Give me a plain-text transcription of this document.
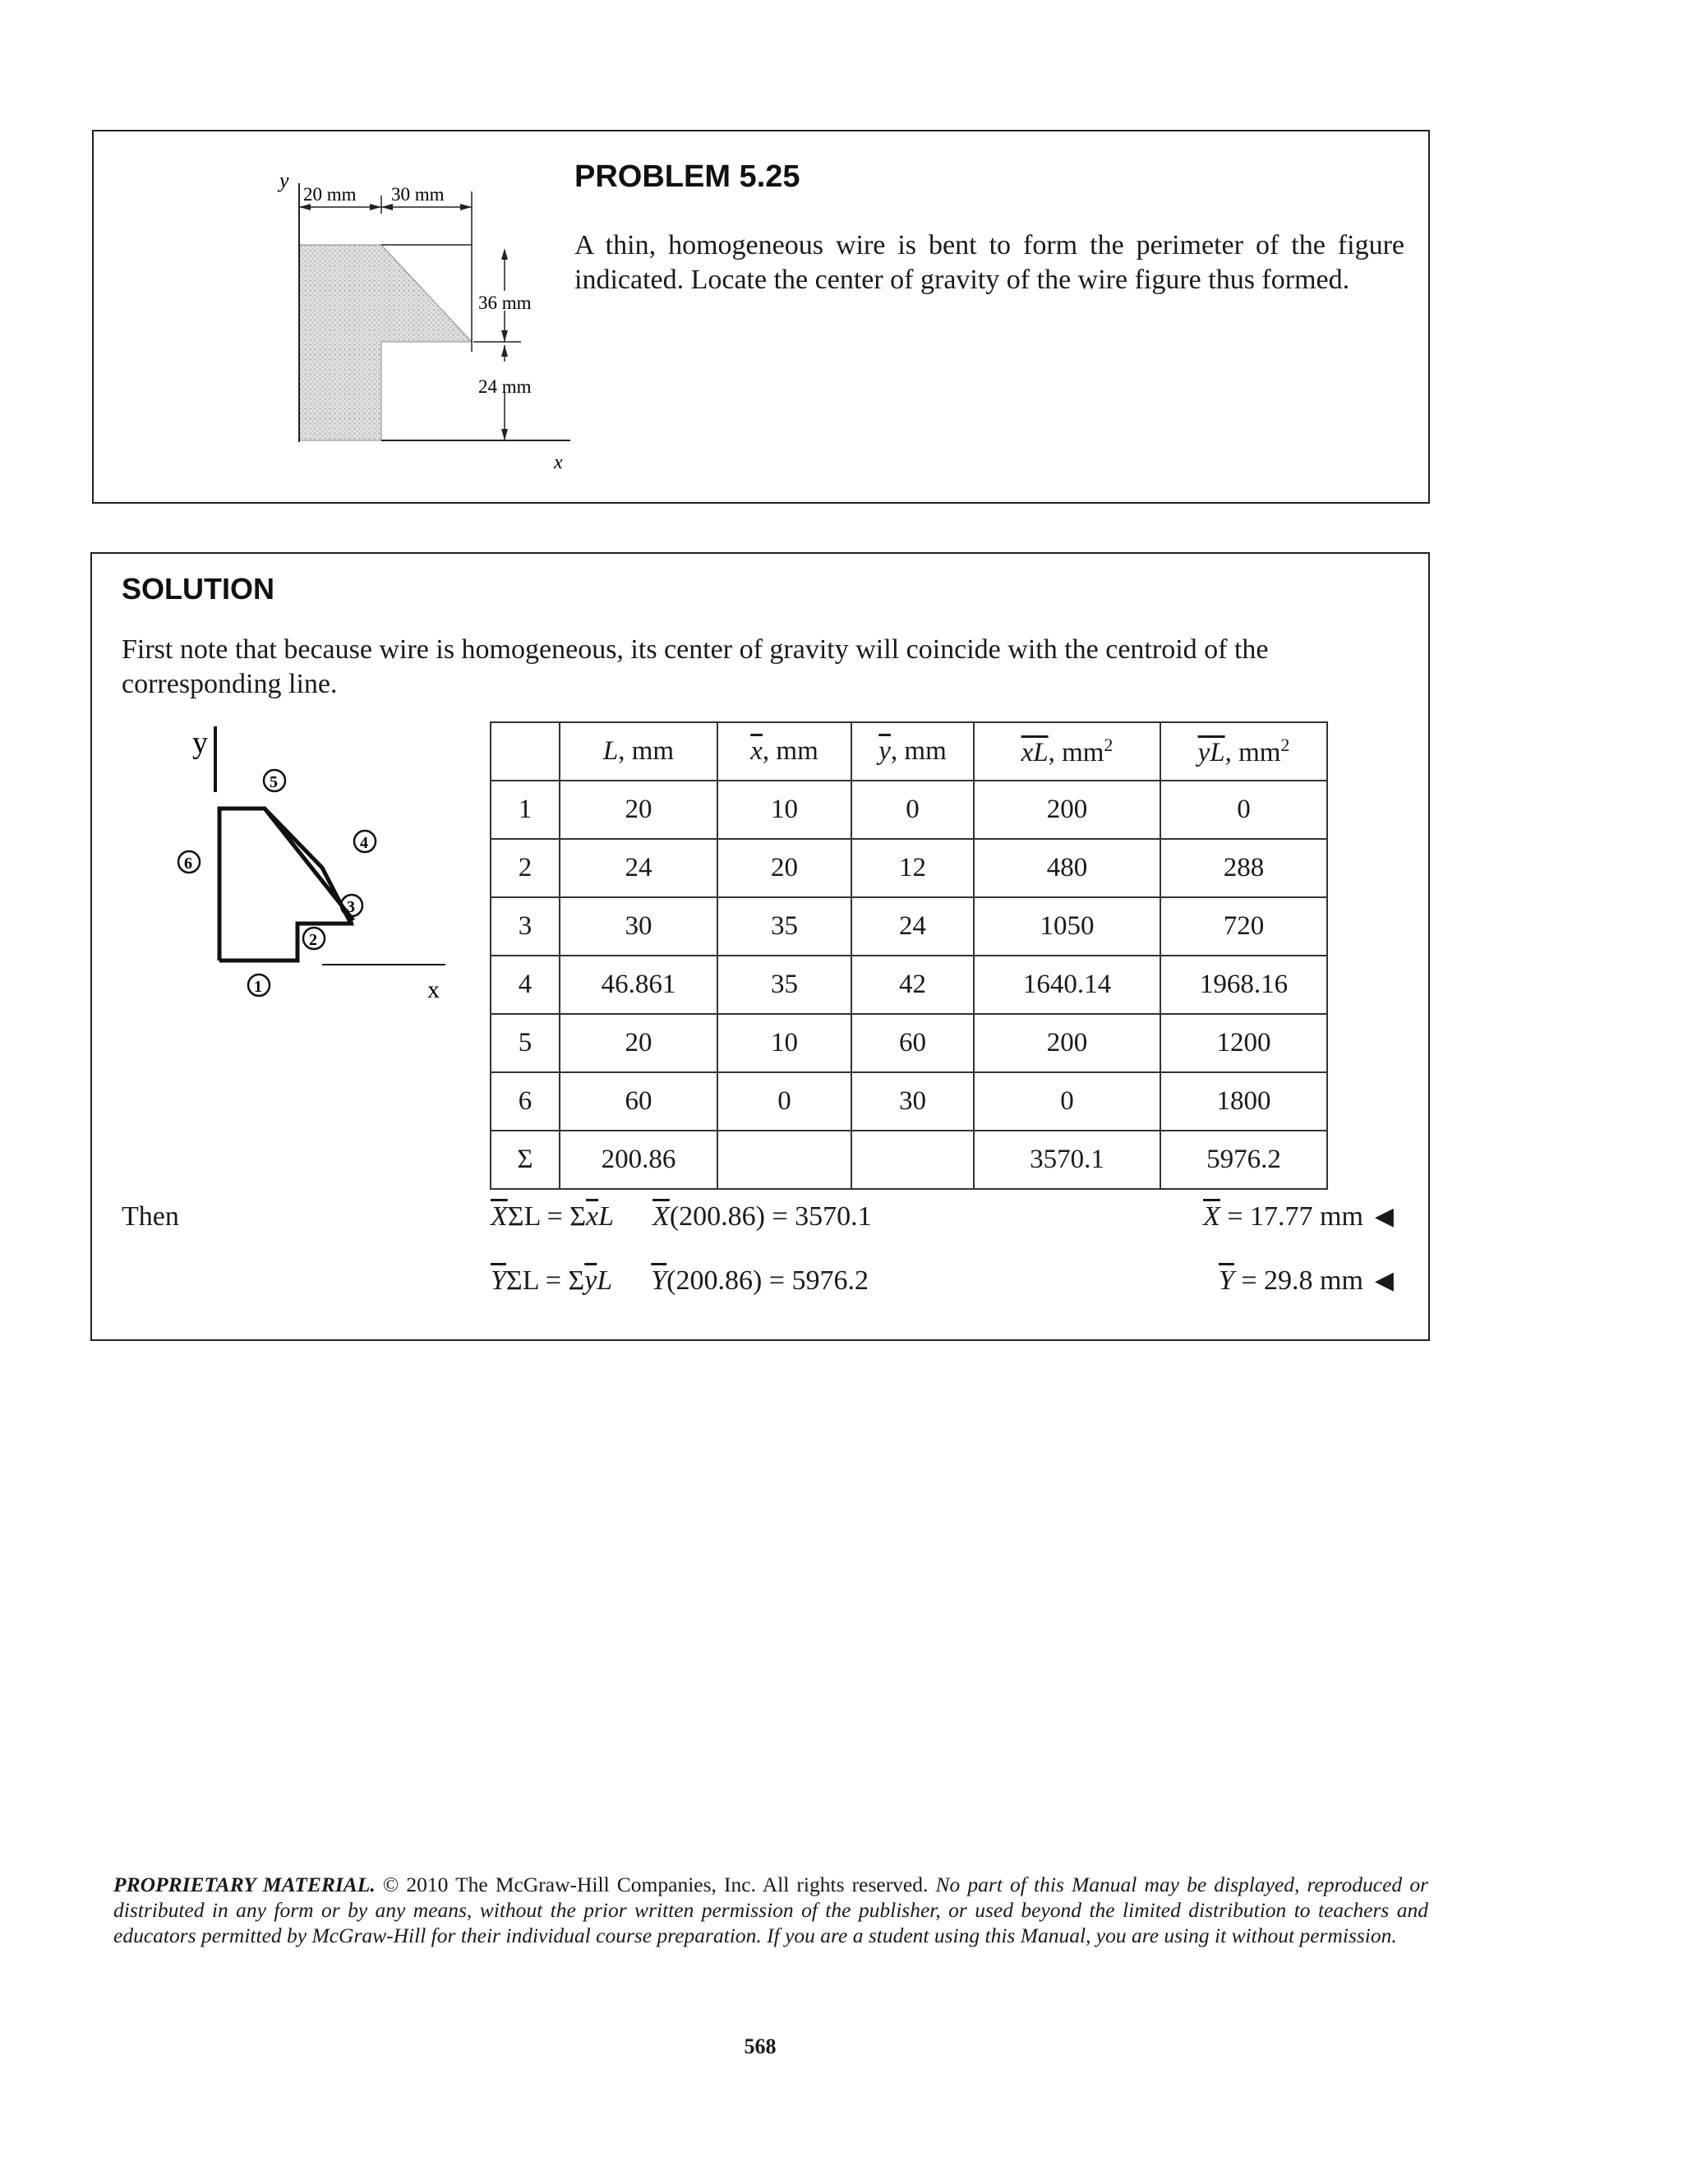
y
x
20 mm 30 mm
36 mm
24 mm
PROBLEM 5.25
A thin, homogeneous wire is bent to form the perimeter of the figure indicated. Locate the center of gravity of the wire figure thus formed.
SOLUTION
First note that because wire is homogeneous, its center of gravity will coincide with the centroid of the corresponding line.
y
x
1
2
3
4
5
6
	L, mm	$\overline{x}$, mm	$\overline{y}$, mm	$\overline{xL}$, $mm^2$	$\overline{yL}$, $mm^2$
1	20	10	0	200	0
2	24	20	12	480	288
3	30	35	24	1050	720
4	46.861	35	42	1640.14	1968.16
5	20	10	60	200	1200
6	60	0	30	0	1800
Σ	200.86			3570.1	5976.2
Then	$\overline{X}\Sigma L = \Sigma\overline{x}L$ $\overline{X}(200.86) = 3570.1$
$\overline{Y}\Sigma L = \Sigma\overline{y}L$ $\overline{Y}(200.86) = 5976.2$
$\overline{X} = 17.77$ mm ◀
$\overline{Y} = 29.8$ mm ◀
PROPRIETARY MATERIAL. © 2010 The McGraw-Hill Companies, Inc. All rights reserved. No part of this Manual may be displayed, reproduced or distributed in any form or by any means, without the prior written permission of the publisher, or used beyond the limited distribution to teachers and educators permitted by McGraw-Hill for their individual course preparation. If you are a student using this Manual, you are using it without permission.
568
